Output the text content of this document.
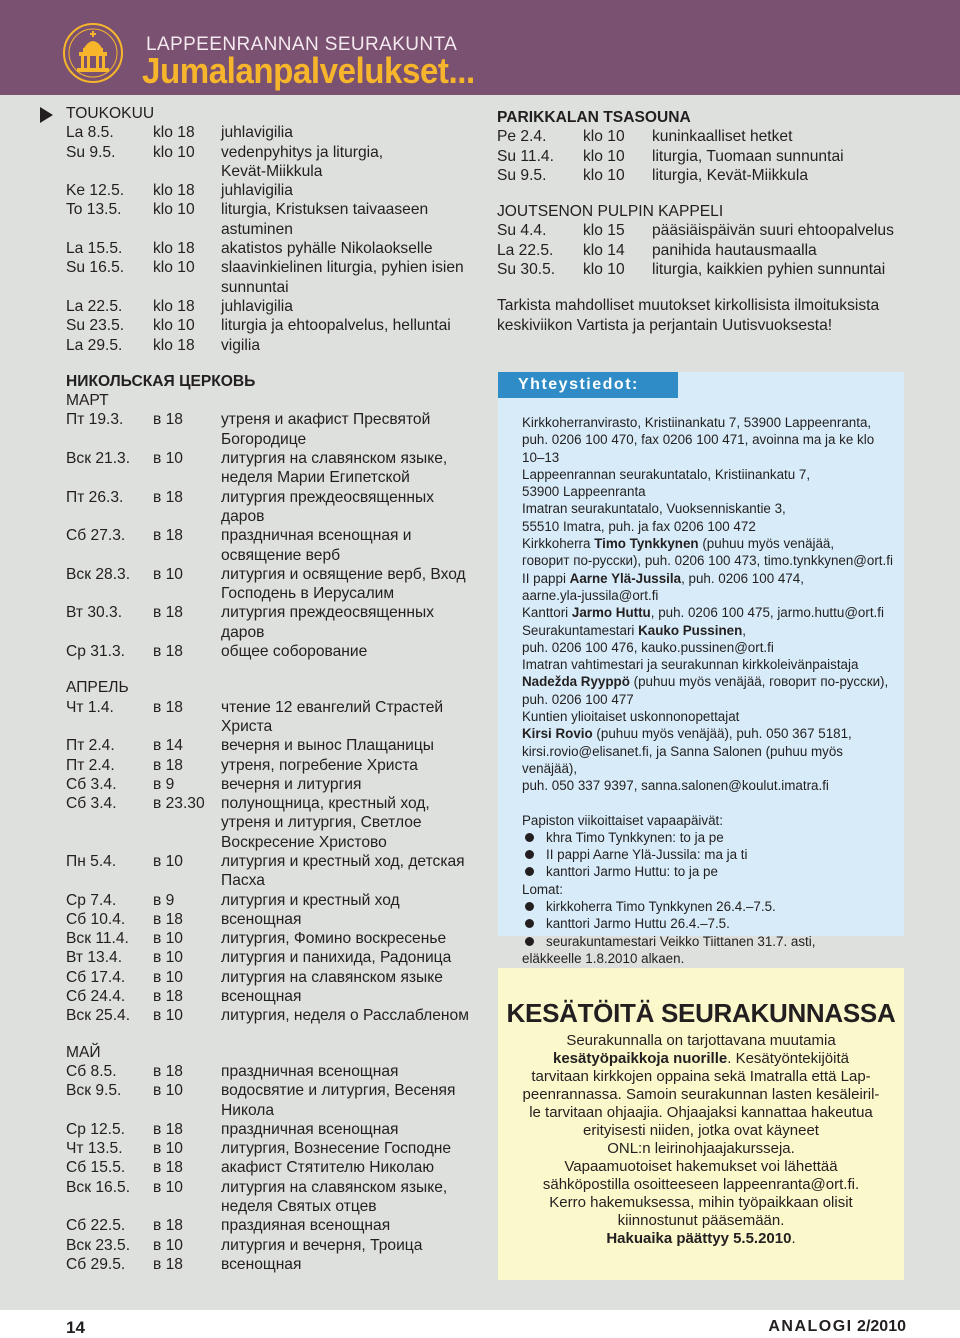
LAPPEENRANNAN SEURAKUNTA
Jumalanpalvelukset...
TOUKOKUU
La 8.5.	klo 18 juhlavigilia
Su 9.5. klo 10 vedenpyhitys ja liturgia,
Kevät-Miikkula
Ke 12.5. klo 18 juhlavigilia
To 13.5. klo 10 liturgia, Kristuksen taivaaseen
astuminen
La 15.5. klo 18 akatistos pyhälle Nikolaokselle
Su 16.5. klo 10 slaavinkielinen liturgia, pyhien isien
sunnuntai
La 22.5. klo 18 juhlavigilia
Su 23.5. klo 10 liturgia ja ehtoopalvelus, helluntai
La 29.5. klo 18 vigilia
НИКОЛЬСКАЯ ЦЕРКОВЬ
МАРТ
Пт 19.3. в 18 утреня и акафист Пресвятой
Богородице
Вск 21.3. в 10 литургия на славянском языке,
неделя Марии Египетской
Пт 26.3. в 18 литургия преждеосвященных
даров
Сб 27.3. в 18 праздничная всенощная и
освящение верб
Вск 28.3. в 10 литургия и освящение верб, Вход
Господень в Иерусалим
Вт 30.3. в 18 литургия преждеосвященных
даров
Ср 31.3. в 18 общее соборование
АПРЕЛЬ
Чт 1.4.	в 18 чтение 12 евангелий Страстей
Христа
Пт 2.4. в 14 вечерня и вынос Плащаницы
Пт 2.4. в 18 утреня, погребение Христа
Сб 3.4. в 9	вечерня и литургия
Сб 3.4. в 23.30 полунощница, крестный ход,
утреня и литургия, Светлое
Воскресение Христово
Пн 5.4. в 10 литургия и крестный ход, детская
Пасха
Ср 7.4. в 9	литургия и крестный ход
Сб 10.4. в 18 всенощная
Вск 11.4. в 10 литургия, Фомино воскресенье
Вт 13.4. в 10 литургия и панихида, Радоница
Сб 17.4. в 10 литургия на славянском языке
Сб 24.4. в 18 всенощная
Вск 25.4. в 10 литургия, неделя о Расслабленом
МАЙ
Сб 8.5. в 18 праздничная всенощная
Вск 9.5. в 10 водосвятие и литургия, Весеняя
Никола
Ср 12.5. в 18 праздничная всенощная
Чт 13.5. в 10 литургия, Вознесение Господне
Сб 15.5. в 18 акафист Стятителю Николаю
Вск 16.5. в 10 литургия на славянском языке,
неделя Святых отцев
Сб 22.5. в 18 праздияная всенощная
Вск 23.5. в 10 литургия и вечерня, Троица
Сб 29.5. в 18 всенощная
PARIKKALAN TSASOUNA
Pe 2.4. klo 10 kuninkaalliset hetket
Su 11.4. klo 10 liturgia, Tuomaan sunnuntai
Su 9.5. klo 10 liturgia, Kevät-Miikkula
JOUTSENON PULPIN KAPPELI
Su 4.4. klo 15 pääsiäispäivän suuri ehtoopalvelus
La 22.5. klo 14 panihida hautausmaalla
Su 30.5. klo 10 liturgia, kaikkien pyhien sunnuntai
Tarkista mahdolliset muutokset kirkollisista ilmoituksista
keskiviikon Vartista ja perjantain Uutisvuoksesta!
Yhteystiedot:
Kirkkoherranvirasto, Kristiinankatu 7, 53900 Lappeenranta,
puh. 0206 100 470, fax 0206 100 471, avoinna ma ja ke klo 10–13
Lappeenrannan seurakuntatalo, Kristiinankatu 7,
53900 Lappeenranta
Imatran seurakuntatalo, Vuoksenniskantie 3,
55510 Imatra, puh. ja fax 0206 100 472
Kirkkoherra Timo Tynkkynen (puhuu myös venäjää,
говорит по-русски), puh. 0206 100 473, timo.tynkkynen@ort.fi
II pappi Aarne Ylä-Jussila, puh. 0206 100 474,
aarne.yla-jussila@ort.fi
Kanttori Jarmo Huttu, puh. 0206 100 475, jarmo.huttu@ort.fi
Seurakuntamestari Kauko Pussinen,
puh. 0206 100 476, kauko.pussinen@ort.fi
Imatran vahtimestari ja seurakunnan kirkkoleivänpaistaja
Nadežda Ryyppö (puhuu myös venäjää, говорит по-русски),
puh. 0206 100 477
Kuntien ylioitaiset uskonnonopettajat
Kirsi Rovio (puhuu myös venäjää), puh. 050 367 5181,
kirsi.rovio@elisanet.fi, ja Sanna Salonen (puhuu myös venäjää),
puh. 050 337 9397, sanna.salonen@koulut.imatra.fi
Papiston viikoittaiset vapaapäivät:
khra Timo Tynkkynen: to ja pe
II pappi Aarne Ylä-Jussila: ma ja ti
kanttori Jarmo Huttu: to ja pe
Lomat:
kirkkoherra Timo Tynkkynen 26.4.–7.5.
kanttori Jarmo Huttu 26.4.–7.5.
seurakuntamestari Veikko Tiittanen 31.7. asti,
eläkkeelle 1.8.2010 alkaen.
KESÄTÖITÄ SEURAKUNNASSA
Seurakunnalla on tarjottavana muutamia
kesätyöpaikkoja nuorille. Kesätyöntekijöitä
tarvitaan kirkkojen oppaina sekä Imatralla että Lap-
peenrannassa. Samoin seurakunnan lasten kesäleiril-
le tarvitaan ohjaajia. Ohjaajaksi kannattaa hakeutua
erityisesti niiden, jotka ovat käyneet
ONL:n leirinohjaajakursseja.
Vapaamuotoiset hakemukset voi lähettää
sähköpostilla osoitteeseen lappeenranta@ort.fi.
Kerro hakemuksessa, mihin työpaikkaan olisit
kiinnostunut pääsemään.
Hakuaika päättyy 5.5.2010.
14	ANALOGI 2/2010
